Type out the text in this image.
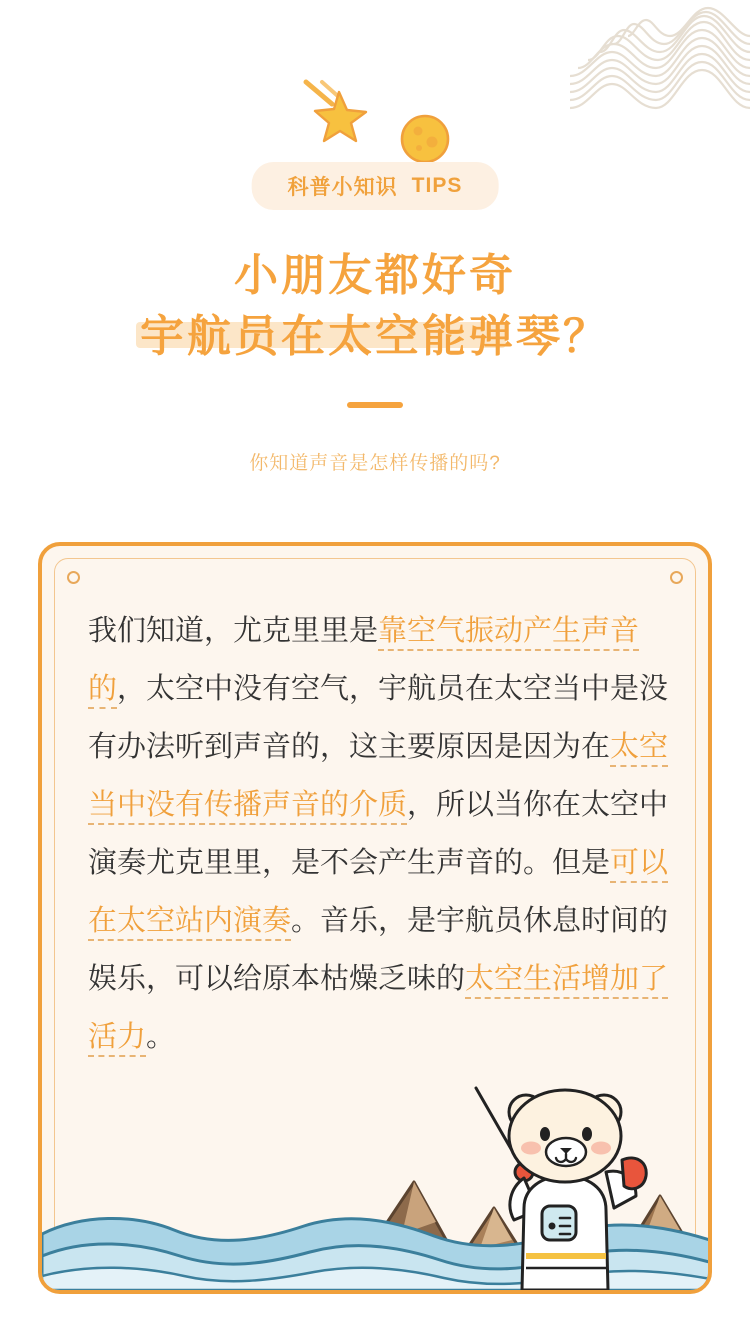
科普小知识 TIPS
小朋友都好奇
宇航员在太空能弹琴？
你知道声音是怎样传播的吗?
我们知道，尤克里里是靠空气振动产生声音的，太空中没有空气，宇航员在太空当中是没有办法听到声音的，这主要原因是因为在太空当中没有传播声音的介质，所以当你在太空中演奏尤克里里，是不会产生声音的。但是可以在太空站内演奏。音乐，是宇航员休息时间的娱乐，可以给原本枯燥乏味的太空生活增加了活力。
